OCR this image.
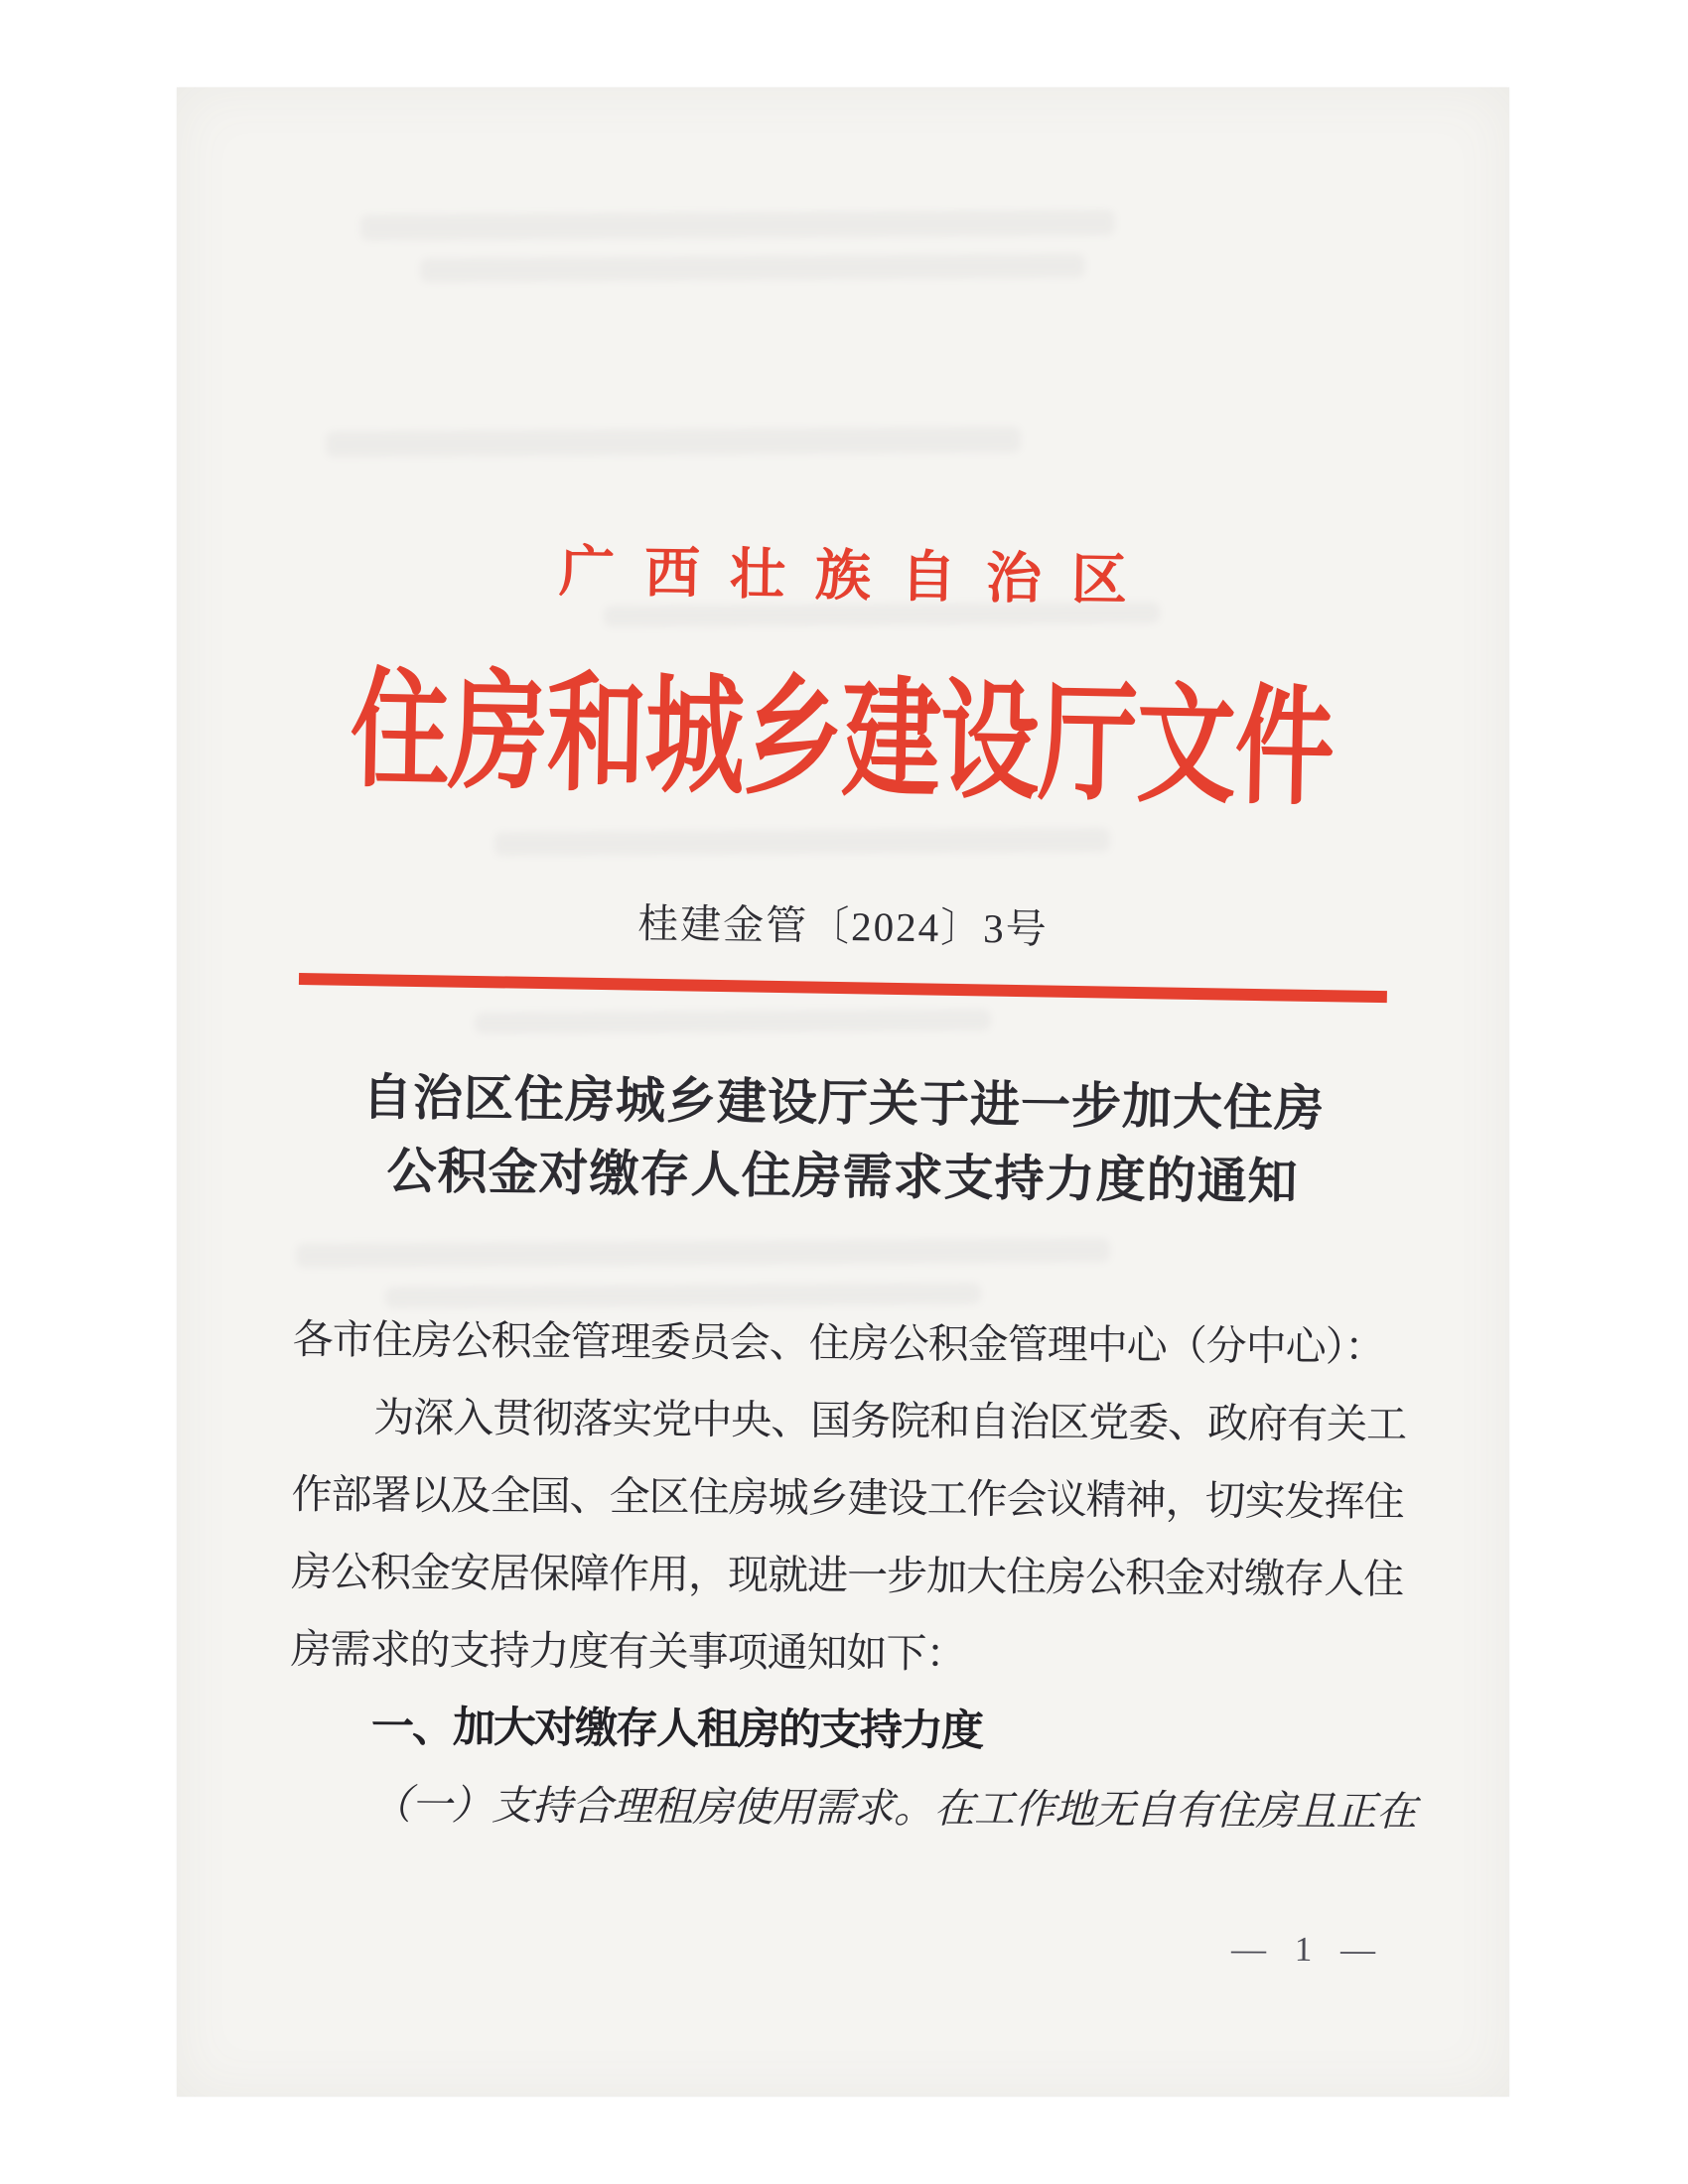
广西壮族自治区
住房和城乡建设厅文件
桂建金管〔2024〕3号
自治区住房城乡建设厅关于进一步加大住房
公积金对缴存人住房需求支持力度的通知
各市住房公积金管理委员会、住房公积金管理中心（分中心）：
为深入贯彻落实党中央、国务院和自治区党委、政府有关工
作部署以及全国、全区住房城乡建设工作会议精神，切实发挥住
房公积金安居保障作用，现就进一步加大住房公积金对缴存人住
房需求的支持力度有关事项通知如下：
一、加大对缴存人租房的支持力度
（一）支持合理租房使用需求。在工作地无自有住房且正在
— 1 —
